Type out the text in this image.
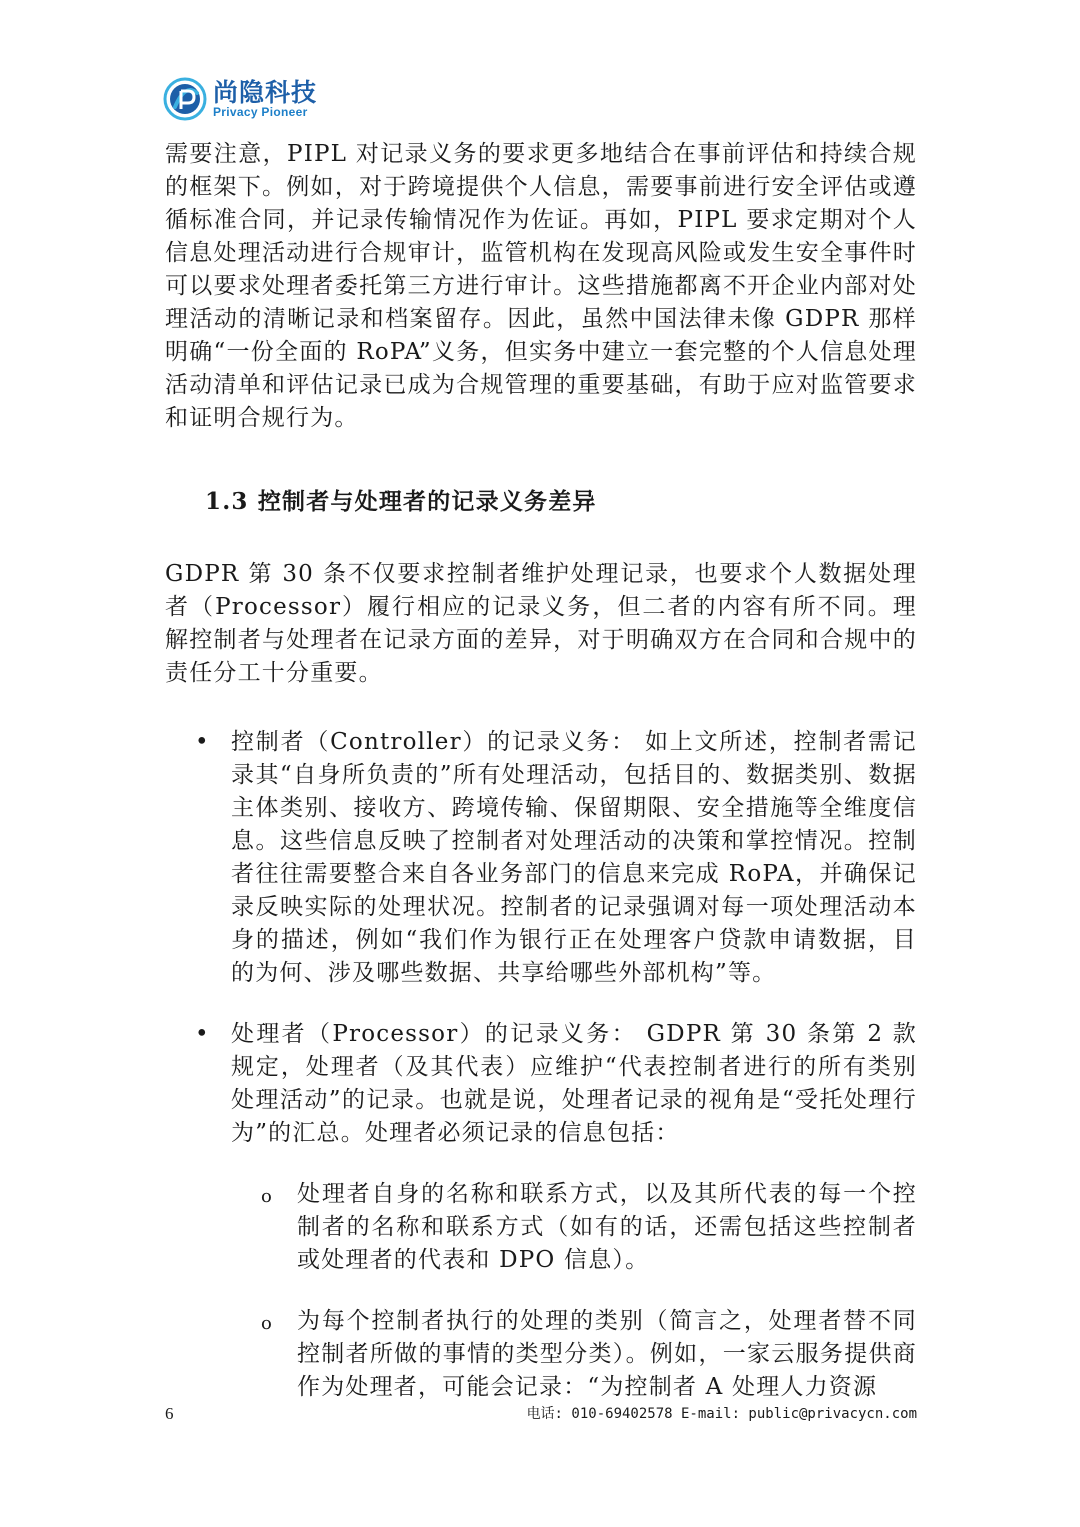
尚隐科技
Privacy Pioneer

需要注意，PIPL 对记录义务的要求更多地结合在事前评估和持续合规的框架下。例如，对于跨境提供个人信息，需要事前进行安全评估或遵循标准合同，并记录传输情况作为佐证。再如，PIPL 要求定期对个人信息处理活动进行合规审计，监管机构在发现高风险或发生安全事件时可以要求处理者委托第三方进行审计。这些措施都离不开企业内部对处理活动的清晰记录和档案留存。因此，虽然中国法律未像 GDPR 那样明确“一份全面的 RoPA”义务，但实务中建立一套完整的个人信息处理活动清单和评估记录已成为合规管理的重要基础，有助于应对监管要求和证明合规行为。

1.3 控制者与处理者的记录义务差异

GDPR 第 30 条不仅要求控制者维护处理记录，也要求个人数据处理者（Processor）履行相应的记录义务，但二者的内容有所不同。理解控制者与处理者在记录方面的差异，对于明确双方在合同和合规中的责任分工十分重要。

• 控制者（Controller）的记录义务： 如上文所述，控制者需记录其“自身所负责的”所有处理活动，包括目的、数据类别、数据主体类别、接收方、跨境传输、保留期限、安全措施等全维度信息。这些信息反映了控制者对处理活动的决策和掌控情况。控制者往往需要整合来自各业务部门的信息来完成 RoPA，并确保记录反映实际的处理状况。控制者的记录强调对每一项处理活动本身的描述，例如“我们作为银行正在处理客户贷款申请数据，目的为何、涉及哪些数据、共享给哪些外部机构”等。

• 处理者（Processor）的记录义务： GDPR 第 30 条第 2 款规定，处理者（及其代表）应维护“代表控制者进行的所有类别处理活动”的记录。也就是说，处理者记录的视角是“受托处理行为”的汇总。处理者必须记录的信息包括：

o 处理者自身的名称和联系方式，以及其所代表的每一个控制者的名称和联系方式（如有的话，还需包括这些控制者或处理者的代表和 DPO 信息）。

o 为每个控制者执行的处理的类别（简言之，处理者替不同控制者所做的事情的类型分类）。例如，一家云服务提供商作为处理者，可能会记录：“为控制者 A 处理人力资源

6	电话: 010-69402578 E-mail: public@privacycn.com
